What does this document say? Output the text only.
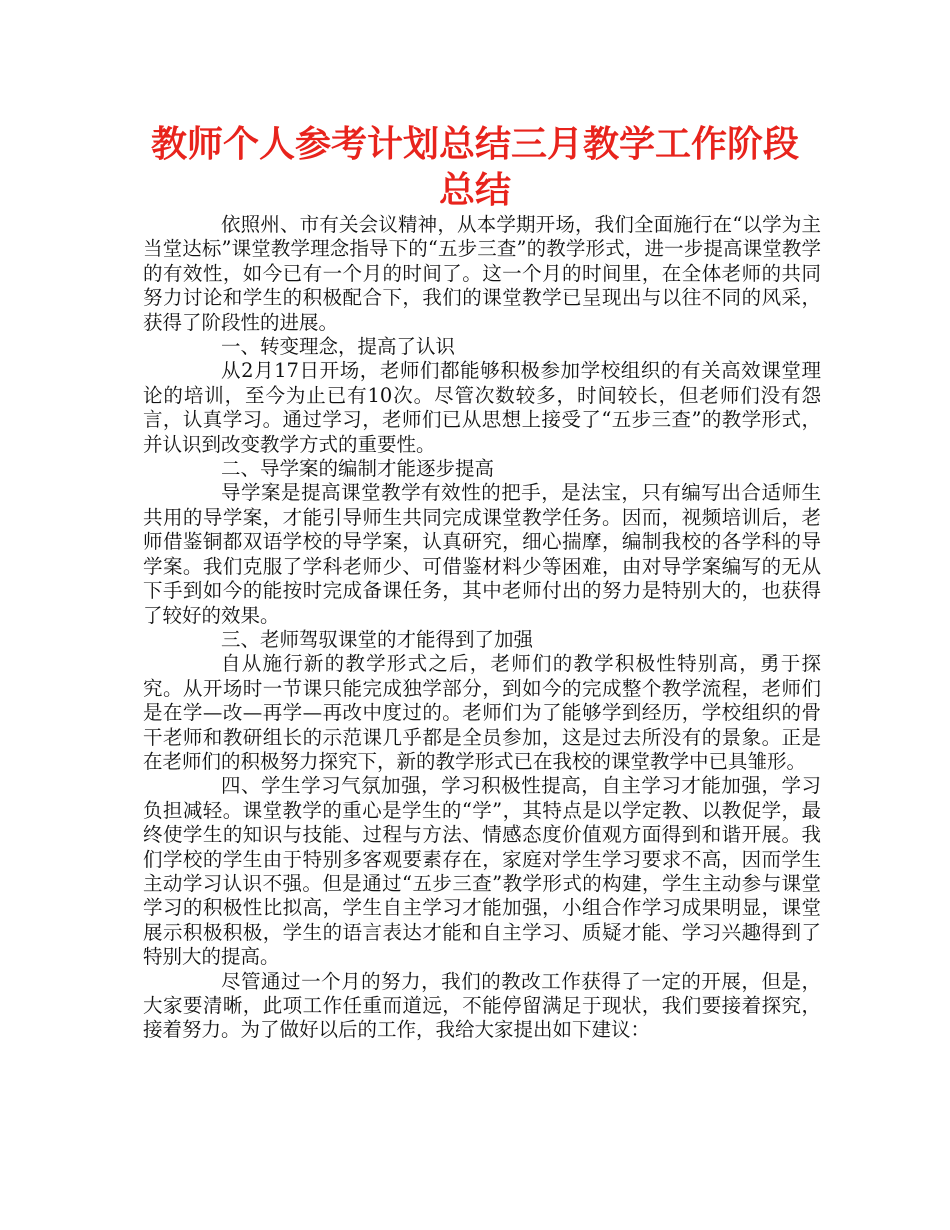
教师个人参考计划总结三月教学工作阶段总结

依照州、市有关会议精神，从本学期开场，我们全面施行在“以学为主 当堂达标”课堂教学理念指导下的“五步三查”的教学形式，进一步提高课堂教学的有效性，如今已有一个月的时间了。这一个月的时间里，在全体老师的共同努力讨论和学生的积极配合下，我们的课堂教学已呈现出与以往不同的风采，获得了阶段性的进展。

一、转变理念，提高了认识

从2月17日开场，老师们都能够积极参加学校组织的有关高效课堂理论的培训，至今为止已有10次。尽管次数较多，时间较长，但老师们没有怨言，认真学习。通过学习，老师们已从思想上接受了“五步三查”的教学形式，并认识到改变教学方式的重要性。

二、导学案的编制才能逐步提高

导学案是提高课堂教学有效性的把手，是法宝，只有编写出合适师生共用的导学案，才能引导师生共同完成课堂教学任务。因而，视频培训后，老师借鉴铜都双语学校的导学案，认真研究，细心揣摩，编制我校的各学科的导学案。我们克服了学科老师少、可借鉴材料少等困难，由对导学案编写的无从下手到如今的能按时完成备课任务，其中老师付出的努力是特别大的，也获得了较好的效果。

三、老师驾驭课堂的才能得到了加强

自从施行新的教学形式之后，老师们的教学积极性特别高，勇于探究。从开场时一节课只能完成独学部分，到如今的完成整个教学流程，老师们是在学—改—再学—再改中度过的。老师们为了能够学到经历，学校组织的骨干老师和教研组长的示范课几乎都是全员参加，这是过去所没有的景象。正是在老师们的积极努力探究下，新的教学形式已在我校的课堂教学中已具雏形。

四、学生学习气氛加强，学习积极性提高，自主学习才能加强，学习负担减轻。课堂教学的重心是学生的“学”，其特点是以学定教、以教促学，最终使学生的知识与技能、过程与方法、情感态度价值观方面得到和谐开展。我们学校的学生由于特别多客观要素存在，家庭对学生学习要求不高，因而学生主动学习认识不强。但是通过“五步三查”教学形式的构建，学生主动参与课堂学习的积极性比拟高，学生自主学习才能加强，小组合作学习成果明显，课堂展示积极积极，学生的语言表达才能和自主学习、质疑才能、学习兴趣得到了特别大的提高。

尽管通过一个月的努力，我们的教改工作获得了一定的开展，但是，大家要清晰，此项工作任重而道远，不能停留满足于现状，我们要接着探究，接着努力。为了做好以后的工作，我给大家提出如下建议：
